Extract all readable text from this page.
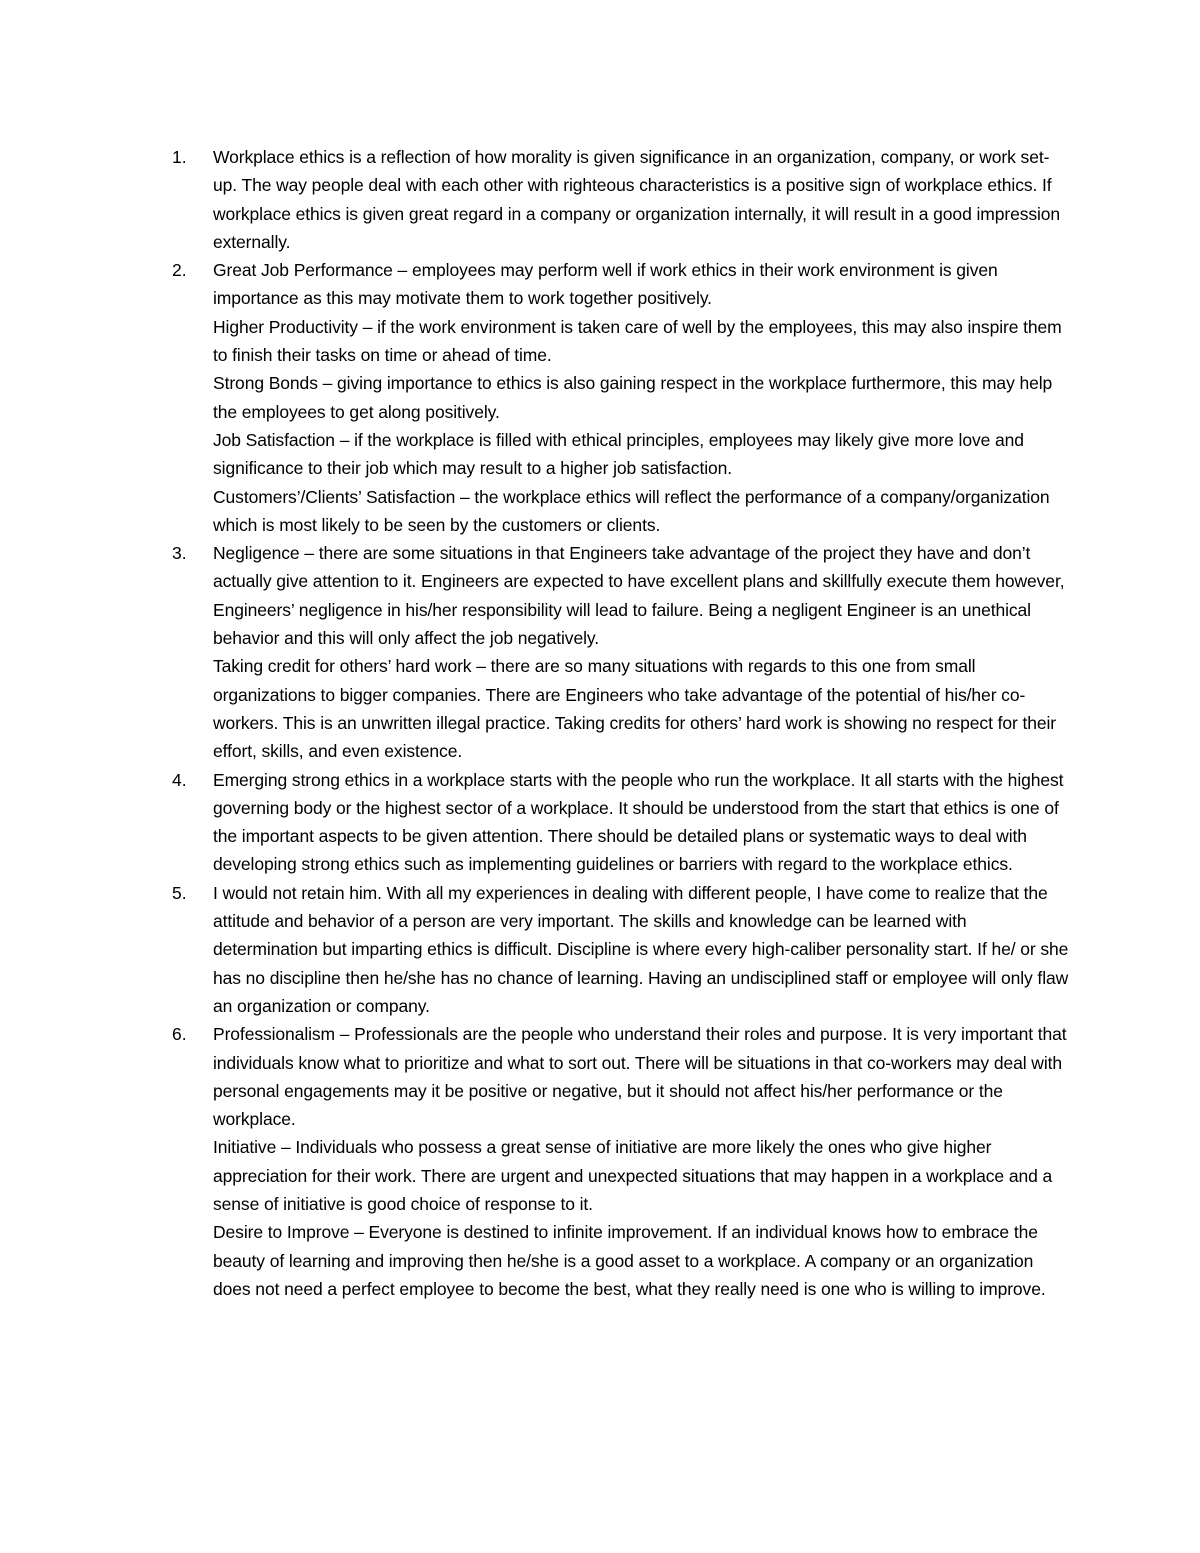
1. Workplace ethics is a reflection of how morality is given significance in an organization, company, or work set-up. The way people deal with each other with righteous characteristics is a positive sign of workplace ethics. If workplace ethics is given great regard in a company or organization internally, it will result in a good impression externally.

2. Great Job Performance – employees may perform well if work ethics in their work environment is given importance as this may motivate them to work together positively.

Higher Productivity – if the work environment is taken care of well by the employees, this may also inspire them to finish their tasks on time or ahead of time.

Strong Bonds – giving importance to ethics is also gaining respect in the workplace furthermore, this may help the employees to get along positively.

Job Satisfaction – if the workplace is filled with ethical principles, employees may likely give more love and significance to their job which may result to a higher job satisfaction.

Customers’/Clients’ Satisfaction – the workplace ethics will reflect the performance of a company/organization which is most likely to be seen by the customers or clients.

3. Negligence – there are some situations in that Engineers take advantage of the project they have and don’t actually give attention to it. Engineers are expected to have excellent plans and skillfully execute them however, Engineers’ negligence in his/her responsibility will lead to failure. Being a negligent Engineer is an unethical behavior and this will only affect the job negatively.

Taking credit for others’ hard work – there are so many situations with regards to this one from small organizations to bigger companies. There are Engineers who take advantage of the potential of his/her co-workers. This is an unwritten illegal practice. Taking credits for others’ hard work is showing no respect for their effort, skills, and even existence.

4. Emerging strong ethics in a workplace starts with the people who run the workplace. It all starts with the highest governing body or the highest sector of a workplace. It should be understood from the start that ethics is one of the important aspects to be given attention. There should be detailed plans or systematic ways to deal with developing strong ethics such as implementing guidelines or barriers with regard to the workplace ethics.

5. I would not retain him. With all my experiences in dealing with different people, I have come to realize that the attitude and behavior of a person are very important. The skills and knowledge can be learned with determination but imparting ethics is difficult. Discipline is where every high-caliber personality start. If he/ or she has no discipline then he/she has no chance of learning. Having an undisciplined staff or employee will only flaw an organization or company.

6. Professionalism – Professionals are the people who understand their roles and purpose. It is very important that individuals know what to prioritize and what to sort out. There will be situations in that co-workers may deal with personal engagements may it be positive or negative, but it should not affect his/her performance or the workplace.

Initiative – Individuals who possess a great sense of initiative are more likely the ones who give higher appreciation for their work. There are urgent and unexpected situations that may happen in a workplace and a sense of initiative is good choice of response to it.

Desire to Improve – Everyone is destined to infinite improvement. If an individual knows how to embrace the beauty of learning and improving then he/she is a good asset to a workplace. A company or an organization does not need a perfect employee to become the best, what they really need is one who is willing to improve.
